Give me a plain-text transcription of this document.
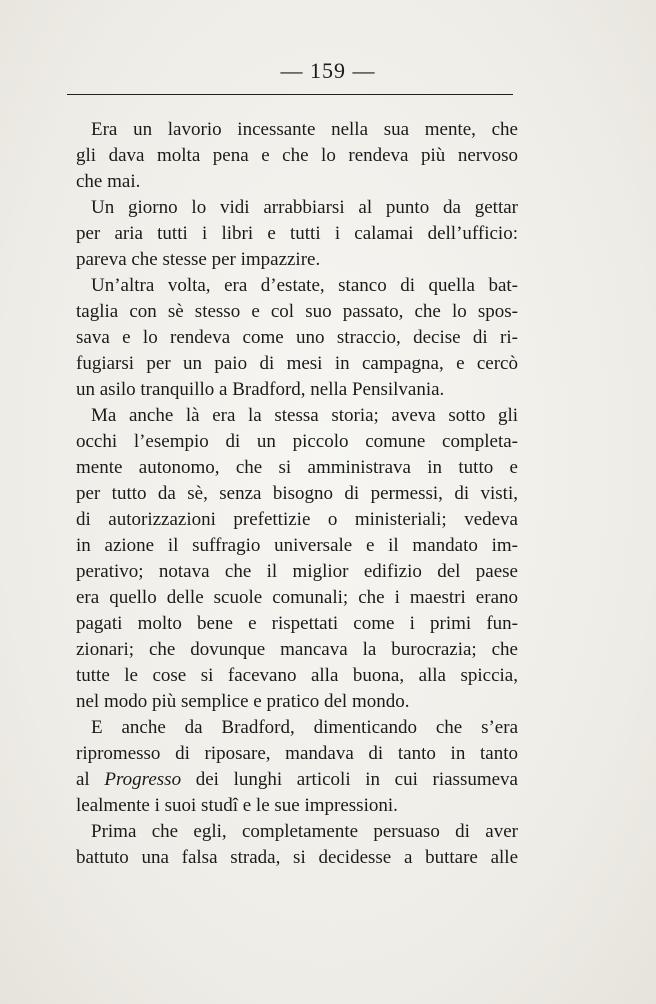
— 159 —

Era un lavorio incessante nella sua mente, che
gli dava molta pena e che lo rendeva più nervoso
che mai.

Un giorno lo vidi arrabbiarsi al punto da gettar
per aria tutti i libri e tutti i calamai dell’ufficio:
pareva che stesse per impazzire.

Un’altra volta, era d’estate, stanco di quella bat-
taglia con sè stesso e col suo passato, che lo spos-
sava e lo rendeva come uno straccio, decise di ri-
fugiarsi per un paio di mesi in campagna, e cercò
un asilo tranquillo a Bradford, nella Pensilvania.

Ma anche là era la stessa storia; aveva sotto gli
occhi l’esempio di un piccolo comune completa-
mente autonomo, che si amministrava in tutto e
per tutto da sè, senza bisogno di permessi, di visti,
di autorizzazioni prefettizie o ministeriali; vedeva
in azione il suffragio universale e il mandato im-
perativo; notava che il miglior edifizio del paese
era quello delle scuole comunali; che i maestri erano
pagati molto bene e rispettati come i primi fun-
zionari; che dovunque mancava la burocrazia; che
tutte le cose si facevano alla buona, alla spiccia,
nel modo più semplice e pratico del mondo.

E anche da Bradford, dimenticando che s’era
ripromesso di riposare, mandava di tanto in tanto
al Progresso dei lunghi articoli in cui riassumeva
lealmente i suoi studî e le sue impressioni.

Prima che egli, completamente persuaso di aver
battuto una falsa strada, si decidesse a buttare alle
